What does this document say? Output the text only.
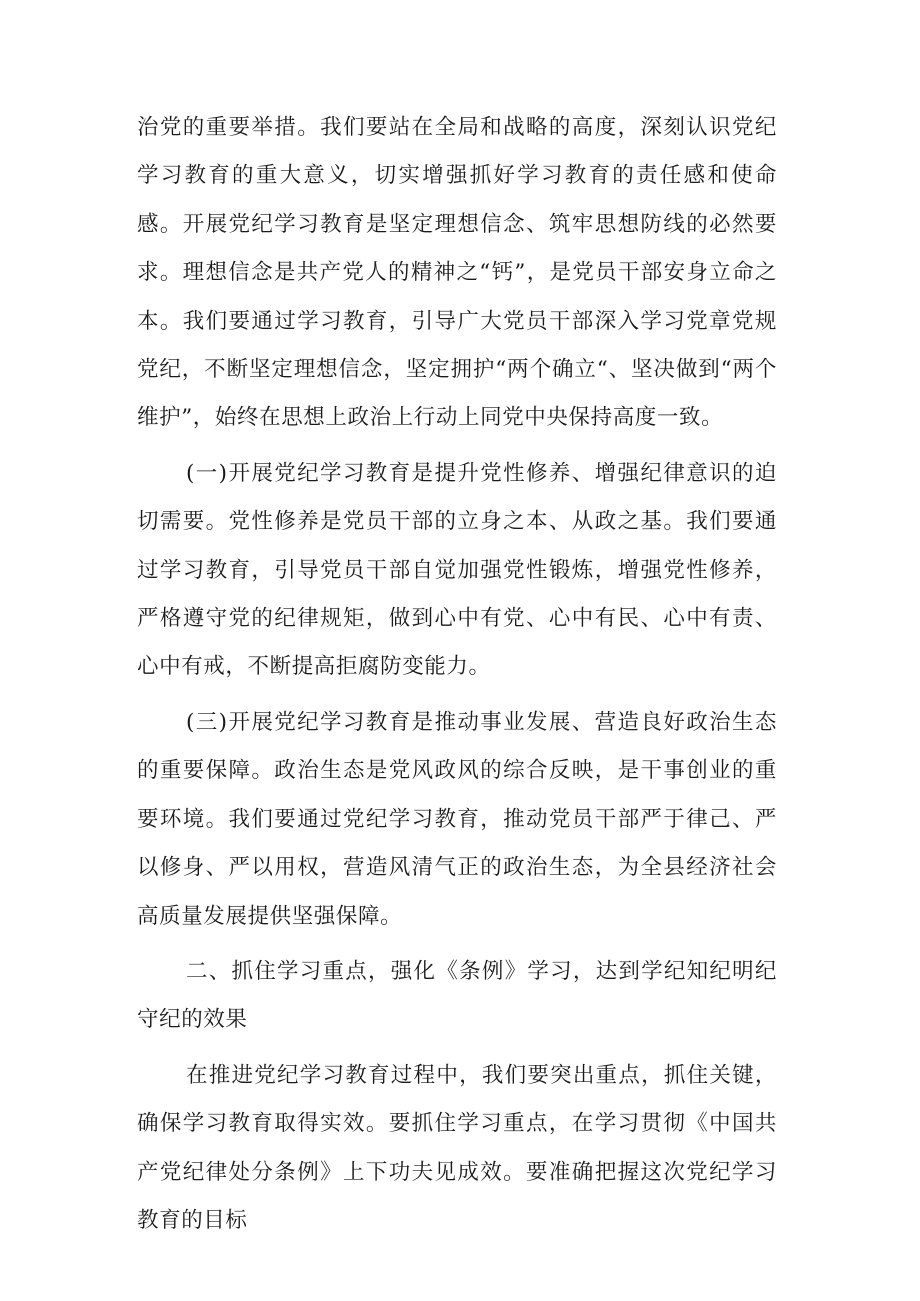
治党的重要举措。我们要站在全局和战略的高度，深刻认识党纪学习教育的重大意义，切实增强抓好学习教育的责任感和使命感。开展党纪学习教育是坚定理想信念、筑牢思想防线的必然要求。理想信念是共产党人的精神之“钙”，是党员干部安身立命之本。我们要通过学习教育，引导广大党员干部深入学习党章党规党纪，不断坚定理想信念，坚定拥护“两个确立“、坚决做到“两个维护”，始终在思想上政治上行动上同党中央保持高度一致。

(一)开展党纪学习教育是提升党性修养、增强纪律意识的迫切需要。党性修养是党员干部的立身之本、从政之基。我们要通过学习教育，引导党员干部自觉加强党性锻炼，增强党性修养，严格遵守党的纪律规矩，做到心中有党、心中有民、心中有责、心中有戒，不断提高拒腐防变能力。

(三)开展党纪学习教育是推动事业发展、营造良好政治生态的重要保障。政治生态是党风政风的综合反映，是干事创业的重要环境。我们要通过党纪学习教育，推动党员干部严于律己、严以修身、严以用权，营造风清气正的政治生态，为全县经济社会高质量发展提供坚强保障。

二、抓住学习重点，强化《条例》学习，达到学纪知纪明纪守纪的效果

在推进党纪学习教育过程中，我们要突出重点，抓住关键，确保学习教育取得实效。要抓住学习重点，在学习贯彻《中国共产党纪律处分条例》上下功夫见成效。要准确把握这次党纪学习教育的目标
